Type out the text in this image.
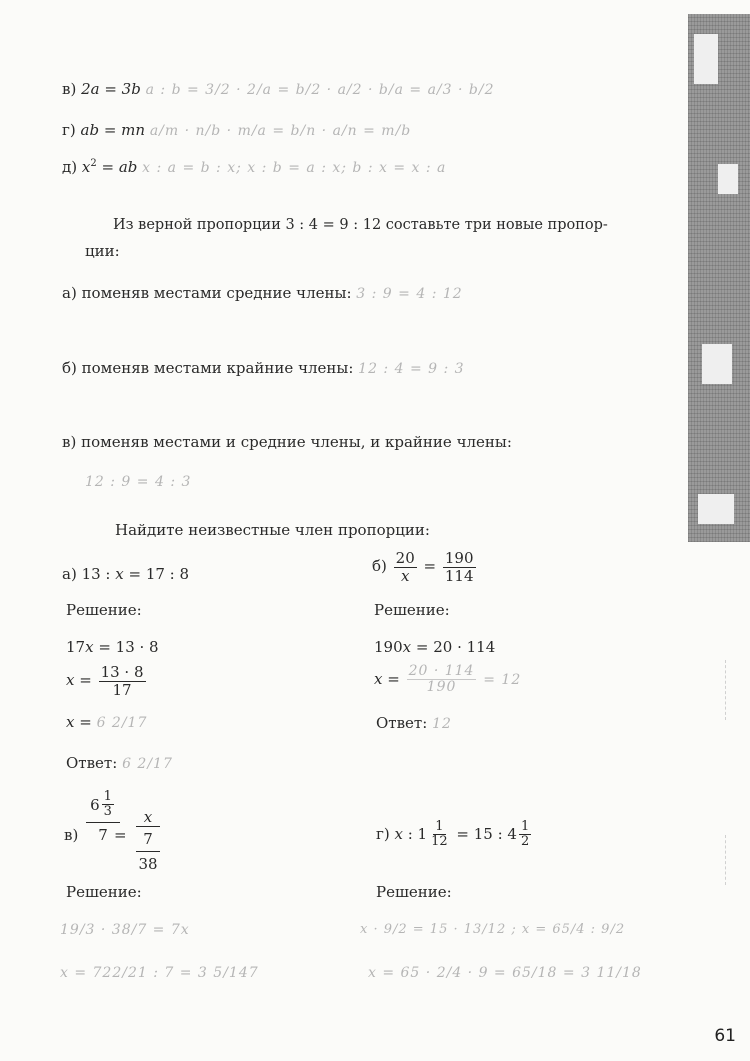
в) 2a = 3b a : b = 3/2 · 2/a = b/2 · a/2 · b/a = a/3 · b/2
г) ab = mn a/m · n/b · m/a = b/n · a/n = m/b
д) $x^2$ = ab x : a = b : x; x : b = a : x; b : x = x : a
Из верной пропорции 3 : 4 = 9 : 12 составьте три новые пропор-
ции:
а) поменяв местами средние члены: 3 : 9 = 4 : 12
б) поменяв местами крайние члены: 12 : 4 = 9 : 3
в) поменяв местами и средние члены, и крайние члены:
12 : 9 = 4 : 3
Найдите неизвестные член пропорции:
а) 13 : x = 17 : 8
Решение:
17x = 13 · 8
$x = \frac{13 \cdot 8}{17}$
x = 6 2/17
Ответ: 6 2/17
$б) \frac{20}{x} = \frac{190}{114}$
Решение:
190x = 20 · 114
$x = \frac{20 \cdot 114}{190} = 12$
Ответ: 12
в)
$6 \frac{1}{3}$
7 =
x
7
38
Решение:
19/3 · 38/7 = 7x
x = 722/21 : 7 = 3 5/147
г) x : $1 \frac{1}{12} = 15$ : $4 \frac{1}{2}$
Решение:
x · 9/2 = 15 · 13/12 ; x = 65/4 : 9/2
x = 65 · 2/4 · 9 = 65/18 = 3 11/18
61
